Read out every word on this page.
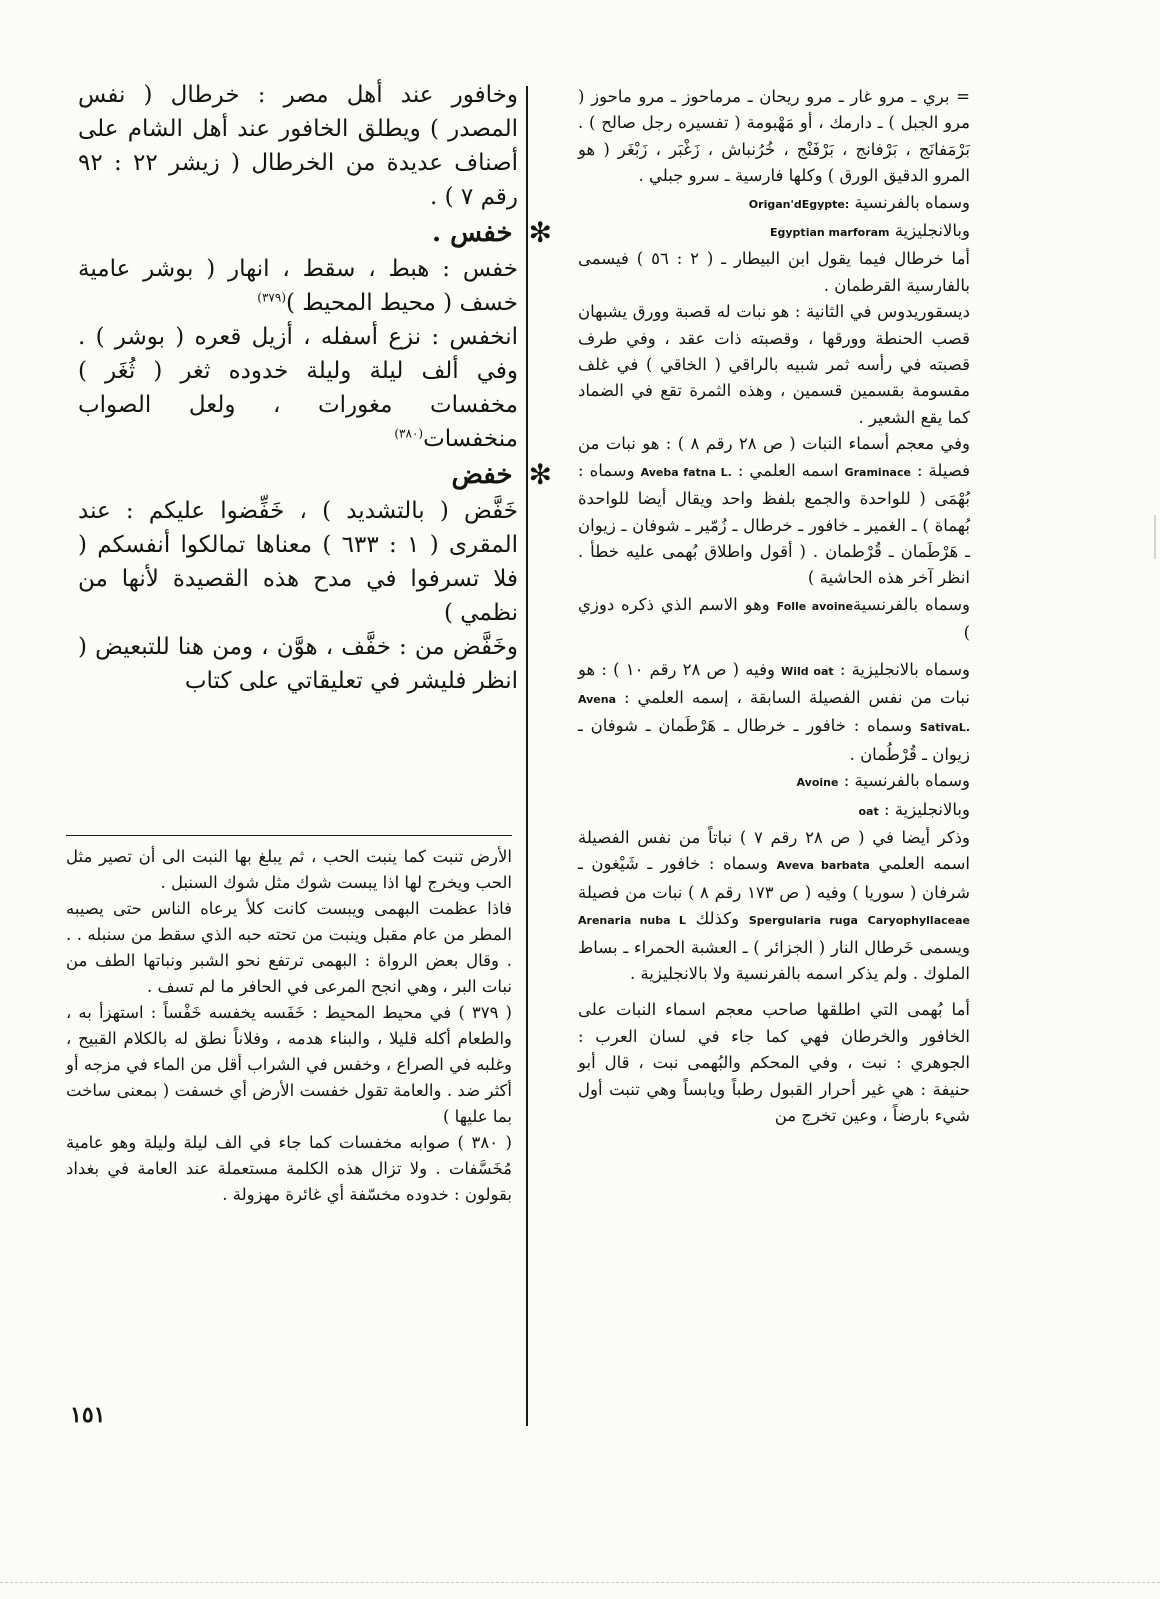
= بري ـ مرو غار ـ مرو ريحان ـ مرماحوز ـ مرو ماحوز ( مرو الجبل ) ـ دارمك ، أو مَهْبومة ( تفسيره رجل صالح ) . بَرْمَفانَج ، بَرْفانج ، بَرْفَنْج ، خُرُنباش ، زَغْبَر ، زَبْغَر ( هو المرو الدقيق الورق ) وكلها فارسية ـ سرو جبلي .

وسماه بالفرنسية Origan'dEgypte:

وبالانجليزية Egyptian marforam

أما خرطال فيما يقول ابن البيطار ـ ( ٢ : ٥٦ ) فيسمى بالفارسية القرطمان .

ديسقوريدوس في الثانية : هو نبات له قصبة وورق يشبهان قصب الحنطة وورقها ، وقصبته ذات عقد ، وفي طرف قصبته في رأسه ثمر شبيه بالراقي ( الخاقي ) في غلف مقسومة بقسمين قسمين ، وهذه الثمرة تقع في الضماد كما يقع الشعير .

وفي معجم أسماء النبات ( ص ٢٨ رقم ٨ ) : هو نبات من فصيلة : Graminace اسمه العلمي : Aveba fatna L. وسماه : بُهْمَى ( للواحدة والجمع بلفظ واحد ويقال أيضا للواحدة بُهماة ) ـ الغمير ـ خافور ـ خرطال ـ زُمّير ـ شوفان ـ زيوان ـ هَرْطَمان ـ قُرْطمان . ( أقول واطلاق بُهمى عليه خطأ . انظر آخر هذه الحاشية )

وسماه بالفرنسيةFolle avoine وهو الاسم الذي ذكره دوزي )

وسماه بالانجليزية : Wild oat وفيه ( ص ٢٨ رقم ١٠ ) : هو نبات من نفس الفصيلة السابقة ، إسمه العلمي : Avena SativaL. وسماه : خافور ـ خرطال ـ هَرْطَمان ـ شوفان ـ زيوان ـ قُرْطُمان .

وسماه بالفرنسية : Avoine

وبالانجليزية : oat

وذكر أيضا في ( ص ٢٨ رقم ٧ ) نباتاً من نفس الفصيلة اسمه العلمي Aveva barbata وسماه : خافور ـ شَيْغون ـ شرفان ( سوريا ) وفيه ( ص ١٧٣ رقم ٨ ) نبات من فصيلة Caryophyllaceae Spergularia ruga وكذلك Arenaria nuba L ويسمى خَرطال النار ( الجزائر ) ـ العشبة الحمراء ـ بساط الملوك . ولم يذكر اسمه بالفرنسية ولا بالانجليزية .

أما بُهمى التي اطلقها صاحب معجم اسماء النبات على الخافور والخرطان فهي كما جاء في لسان العرب : الجوهري : نبت ، وفي المحكم والبُهمى نبت ، قال أبو حنيفة : هي غير أحرار القبول رطباً ويابساً وهي تنبت أول شيء بارضاً ، وعين تخرج من

وخافور عند أهل مصر : خرطال ( نفس المصدر ) ويطلق الخافور عند أهل الشام على أصناف عديدة من الخرطال ( زيشر ٢٢ : ٩٢ رقم ٧ ) .

✻
خفس .

خفس : هبط ، سقط ، انهار ( بوشر عامية خسف ( محيط المحيط )$^{(٣٧٩)}$

انخفس : نزع أسفله ، أزيل قعره ( بوشر ) . وفي ألف ليلة وليلة خدوده ثغر ( ثُغَر ) مخفسات مغورات ، ولعل الصواب منخفسات$^{(٣٨٠)}$

✻
خفض

خَفَّض ( بالتشديد ) ، خَفِّضوا عليكم : عند المقرى ( ١ : ٦٣٣ ) معناها تمالكوا أنفسكم ( فلا تسرفوا في مدح هذه القصيدة لأنها من نظمي )

وخَفَّض من : خفَّف ، هوَّن ، ومن هنا للتبعيض ( انظر فليشر في تعليقاتي على كتاب

الأرض تنبت كما ينبت الحب ، ثم يبلغ بها النبت الى أن تصير مثل الحب ويخرج لها اذا يبست شوك مثل شوك السنبل .

فاذا عظمت البهمى ويبست كانت كلأ يرعاه الناس حتى يصيبه المطر من عام مقبل وينبت من تحته حبه الذي سقط من سنبله . . . وقال بعض الرواة : البهمى ترتفع نحو الشبر ونباتها الطف من نبات البر ، وهي انجح المرعى في الحافر ما لم تسف .

( ٣٧٩ ) في محيط المحيط : خَفَسه يخفسه خَفْساً : استهزأ به ، والطعام أكله قليلا ، والبناء هدمه ، وفلاناً نطق له بالكلام القبيح ، وغلبه في الصراع ، وخفس في الشراب أقل من الماء في مزجه أو أكثر ضد . والعامة تقول خفست الأرض أي خسفت ( بمعنى ساخت بما عليها )

( ٣٨٠ ) صوابه مخفسات كما جاء في الف ليلة وليلة وهو عامية مُخَسَّفات . ولا تزال هذه الكلمة مستعملة عند العامة في بغداد بقولون : خدوده مخسّفة أي غائرة مهزولة .

١٥١
